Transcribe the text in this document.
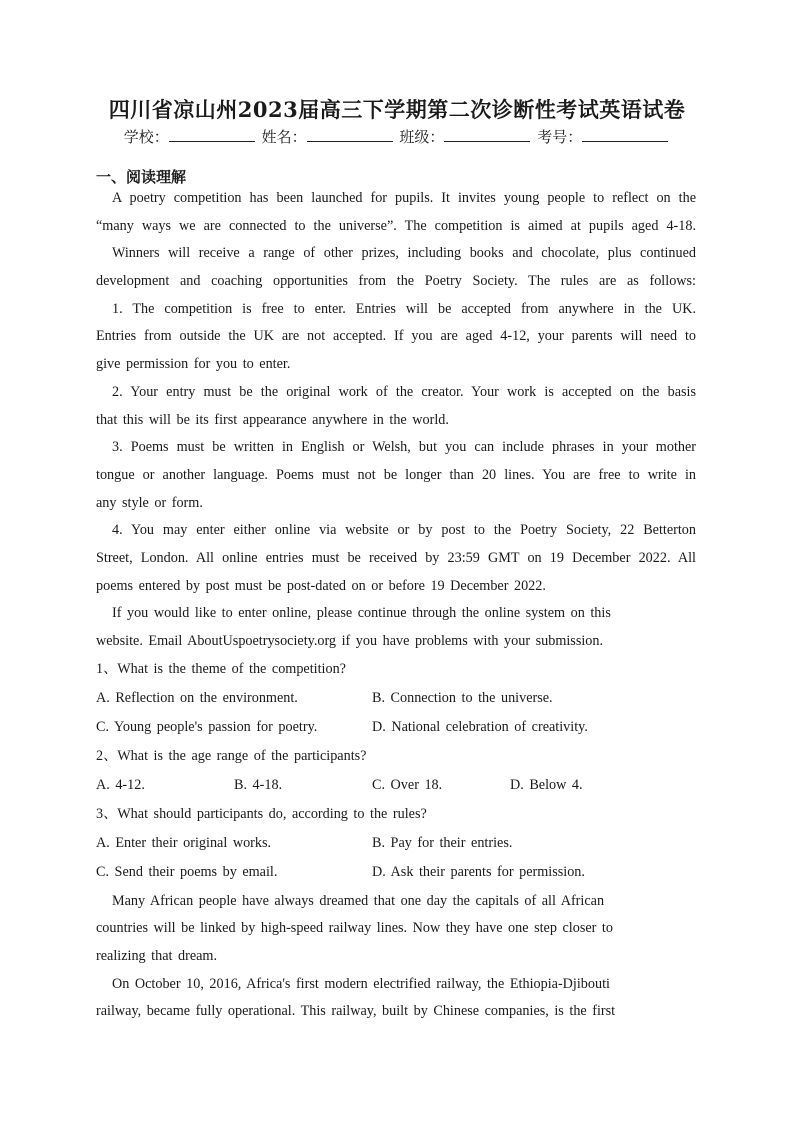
四川省凉山州2023届高三下学期第二次诊断性考试英语试卷
学校：	姓名：	班级：	考号：
一、阅读理解
A poetry competition has been launched for pupils. It invites young people to reflect on the
“many ways we are connected to the universe”. The competition is aimed at pupils aged 4-18.
Winners will receive a range of other prizes, including books and chocolate, plus continued
development and coaching opportunities from the Poetry Society. The rules are as follows:
1. The competition is free to enter. Entries will be accepted from anywhere in the UK.
Entries from outside the UK are not accepted. If you are aged 4-12, your parents will need to
give permission for you to enter.
2. Your entry must be the original work of the creator. Your work is accepted on the basis
that this will be its first appearance anywhere in the world.
3. Poems must be written in English or Welsh, but you can include phrases in your mother
tongue or another language. Poems must not be longer than 20 lines. You are free to write in
any style or form.
4. You may enter either online via website or by post to the Poetry Society, 22 Betterton
Street, London. All online entries must be received by 23:59 GMT on 19 December 2022. All
poems entered by post must be post-dated on or before 19 December 2022.
If you would like to enter online, please continue through the online system on this
website. Email AboutUspoetrysociety.org if you have problems with your submission.
1、What is the theme of the competition?
A. Reflection on the environment.	B. Connection to the universe.
C. Young people's passion for poetry.	D. National celebration of creativity.
2、What is the age range of the participants?
A. 4-12.	B. 4-18.	C. Over 18.	D. Below 4.
3、What should participants do, according to the rules?
A. Enter their original works.	B. Pay for their entries.
C. Send their poems by email.	D. Ask their parents for permission.
Many African people have always dreamed that one day the capitals of all African
countries will be linked by high-speed railway lines. Now they have one step closer to
realizing that dream.
On October 10, 2016, Africa's first modern electrified railway, the Ethiopia-Djibouti
railway, became fully operational. This railway, built by Chinese companies, is the first
